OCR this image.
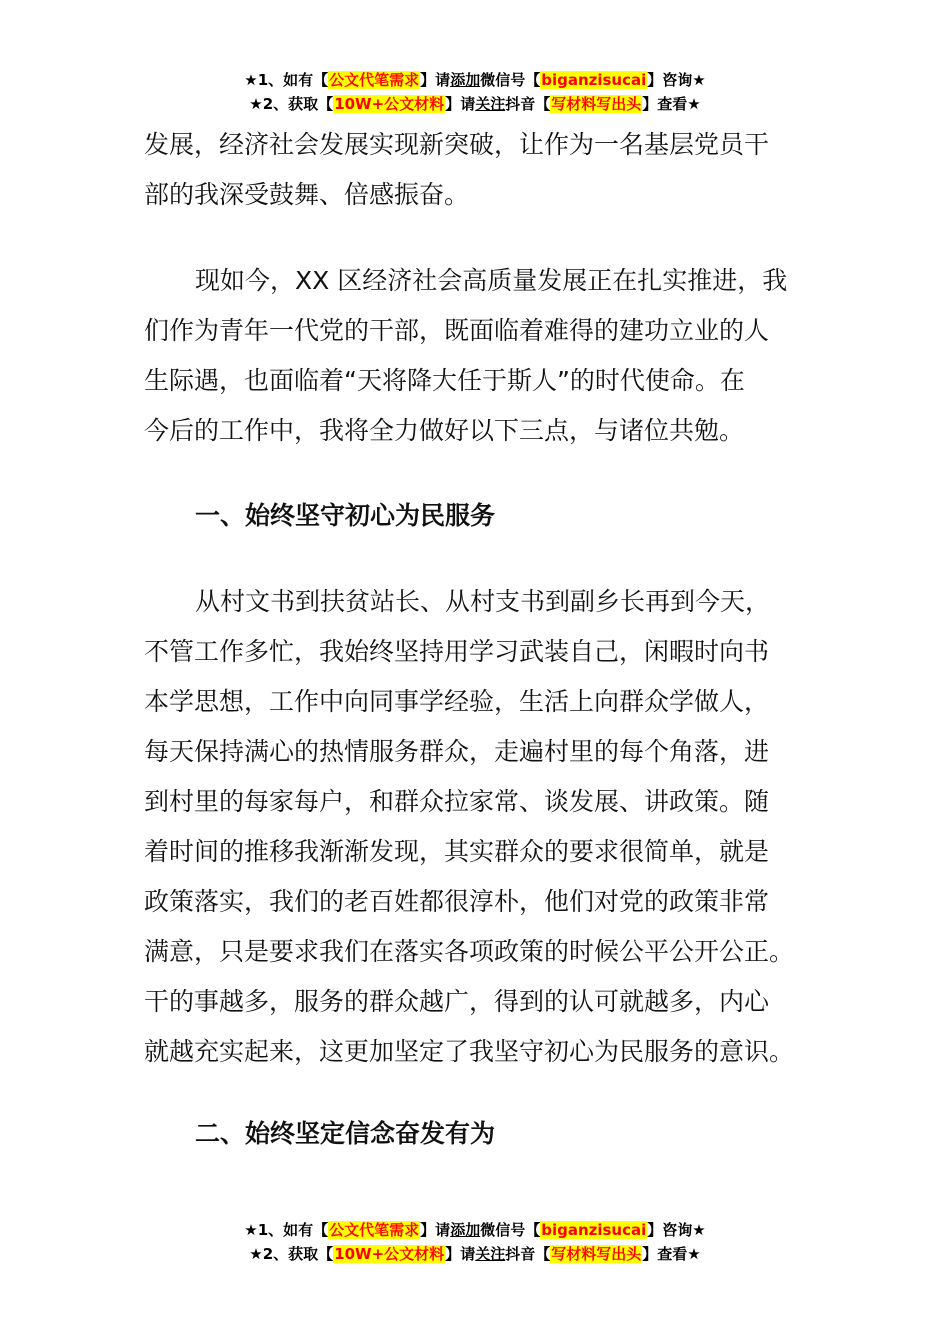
★1、如有【公文代笔需求】请添加微信号【biganzisucai】咨询★
★2、获取【10W+公文材料】请关注抖音【写材料写出头】查看★
发展，经济社会发展实现新突破，让作为一名基层党员干
部的我深受鼓舞、倍感振奋。
现如今，XX 区经济社会高质量发展正在扎实推进，我
们作为青年一代党的干部，既面临着难得的建功立业的人
生际遇，也面临着“天将降大任于斯人”的时代使命。在
今后的工作中，我将全力做好以下三点，与诸位共勉。
一、始终坚守初心为民服务
从村文书到扶贫站长、从村支书到副乡长再到今天，
不管工作多忙，我始终坚持用学习武装自己，闲暇时向书
本学思想，工作中向同事学经验，生活上向群众学做人，
每天保持满心的热情服务群众，走遍村里的每个角落，进
到村里的每家每户，和群众拉家常、谈发展、讲政策。随
着时间的推移我渐渐发现，其实群众的要求很简单，就是
政策落实，我们的老百姓都很淳朴，他们对党的政策非常
满意，只是要求我们在落实各项政策的时候公平公开公正。
干的事越多，服务的群众越广，得到的认可就越多，内心
就越充实起来，这更加坚定了我坚守初心为民服务的意识。
二、始终坚定信念奋发有为
★1、如有【公文代笔需求】请添加微信号【biganzisucai】咨询★
★2、获取【10W+公文材料】请关注抖音【写材料写出头】查看★
